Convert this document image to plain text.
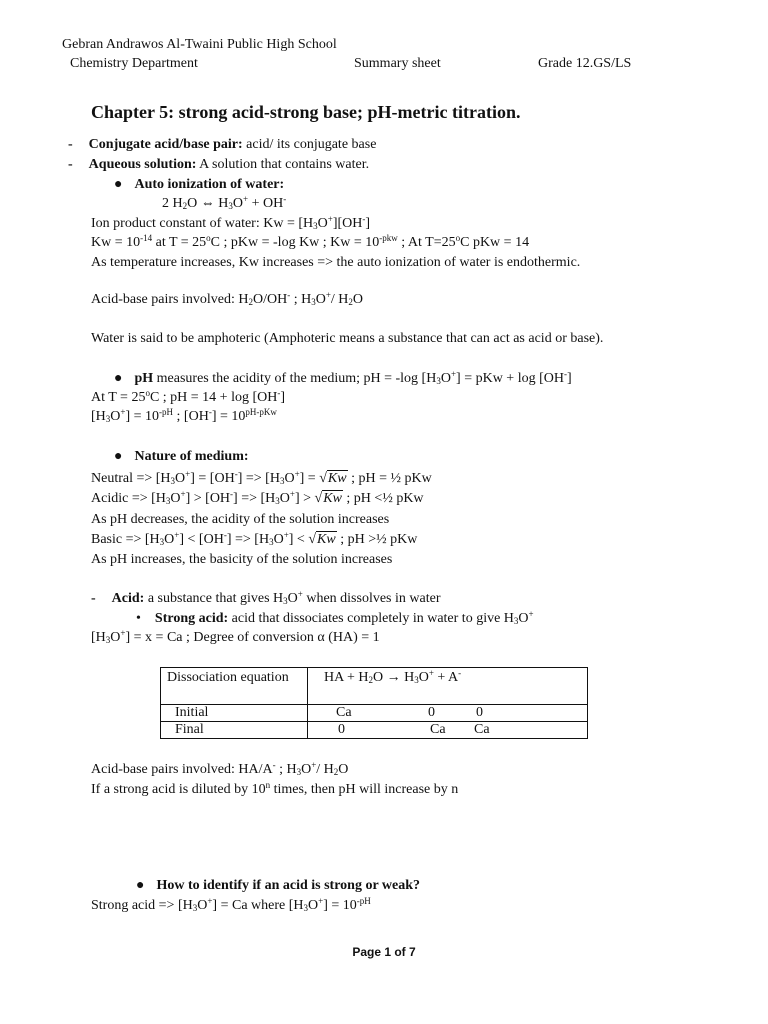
Gebran Andrawos Al-Twaini Public High School
Chemistry Department	Summary sheet	Grade 12.GS/LS
Chapter 5: strong acid-strong base; pH-metric titration.
- Conjugate acid/base pair: acid/ its conjugate base
- Aqueous solution: A solution that contains water.
● Auto ionization of water:
2 $H_2O$ ⇔ $H_3O^+ + OH^-$
Ion product constant of water: $Kw = [H_3O^+][OH^-]$
$Kw = 10^{-14}$ at $T = 25^oC$ ; pKw = -log Kw ; $Kw = 10^{-pkw}$ ; At $T=25^oC$ pKw = 14
As temperature increases, Kw increases => the auto ionization of water is endothermic.
Acid-base pairs involved: $H_2O/OH^-$ ; $H_3O^+/$ $H_2O$
Water is said to be amphoteric (Amphoteric means a substance that can act as acid or base).
● pH measures the acidity of the medium; pH = -log $[H_3O^+]$ = pKw + log [OH-]
At $T = 25^oC$ ; pH = 14 + log [OH-]
$[H_3O^+] = 10^{-pH}$ ; $[OH^-] = 10^{pH-pKw}$
● Nature of medium:
Neutral => $[H_3O^+] = [OH^-] => [H_3O^+] = √Kw$ ; pH = ½ pKw
Acidic => $[H_3O^+] > [OH^-] => [H_3O^+] > √Kw$ ; pH <½ pKw
As pH decreases, the acidity of the solution increases
Basic => $[H_3O^+] < [OH^-] => [H_3O^+] < √Kw$ ; pH >½ pKw
As pH increases, the basicity of the solution increases
- Acid: a substance that gives $H_3O^+$ when dissolves in water
• Strong acid: acid that dissociates completely in water to give $H_3O^+$
$[H_3O^+] = x = Ca$ ; Degree of conversion α (HA) = 1
Dissociation equation	HA + $H_2O \to H_3O^+ + A^-$
Initial	Ca 0 0
Final	0 Ca Ca
Acid-base pairs involved: HA/A- ; $H_3O^+/$ $H_2O$
If a strong acid is diluted by 10$^n$ times, then pH will increase by n
● How to identify if an acid is strong or weak?
Strong acid => $[H_3O^+] = Ca$ where $[H_3O^+] = 10^{-pH}$
Page 1 of 7
